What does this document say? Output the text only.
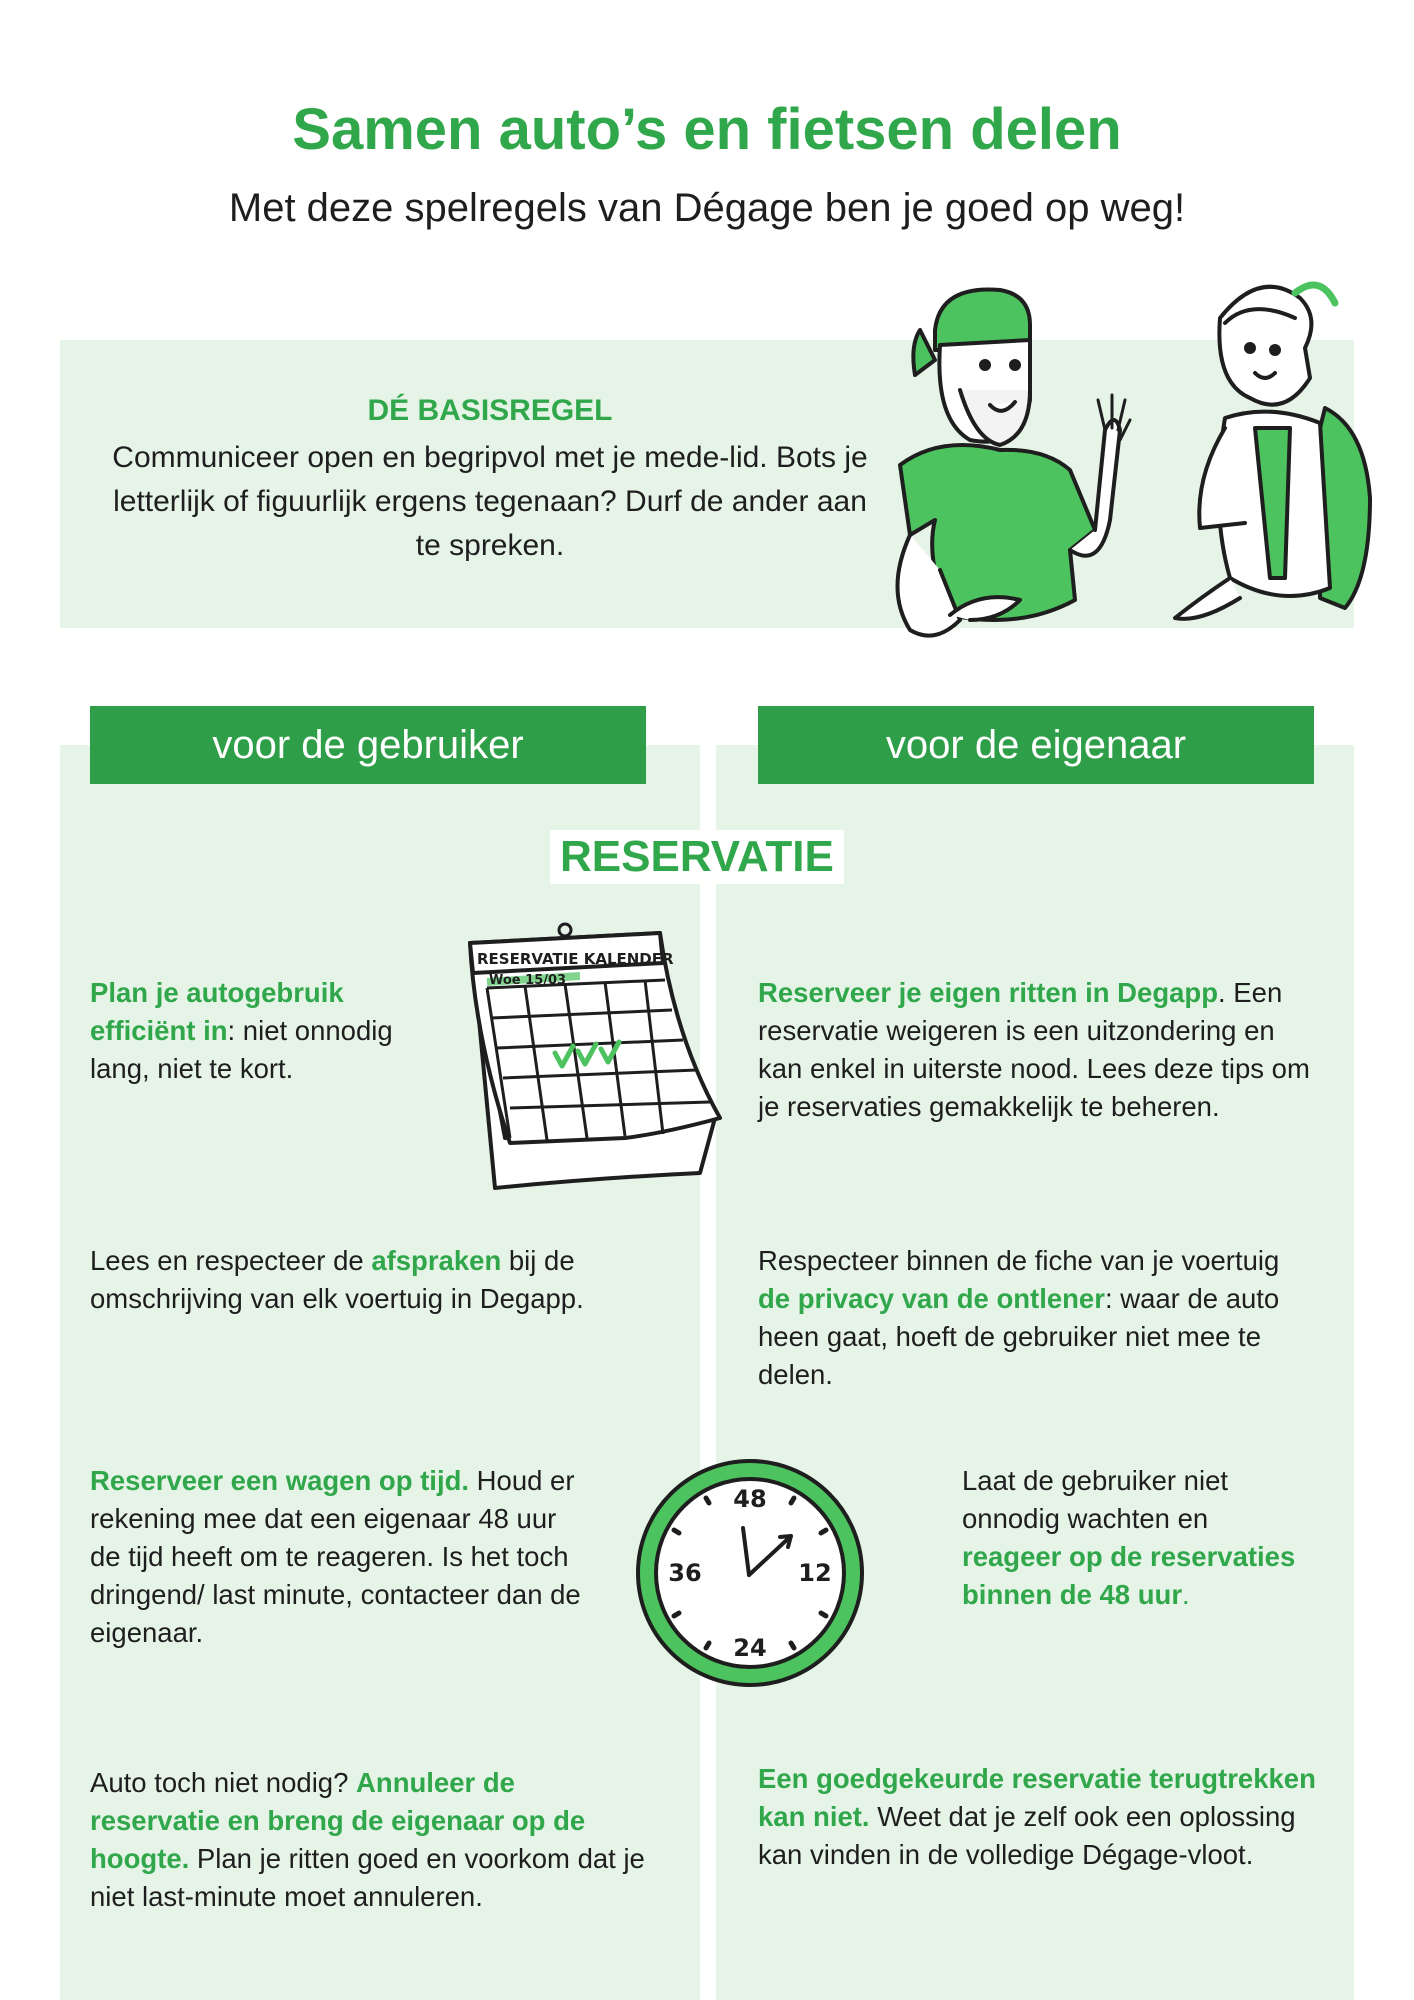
Samen auto’s en fietsen delen
Met deze spelregels van Dégage ben je goed op weg!
DÉ BASISREGEL
Communiceer open en begripvol met je mede-lid. Bots je letterlijk of figuurlijk ergens tegenaan? Durf de ander aan te spreken.
voor de gebruiker	voor de eigenaar
RESERVATIE
RESERVATIE KALENDER
Woe 15/03
48
12
24
36
Plan je autogebruik efficiënt in: niet onnodig lang, niet te kort.
Lees en respecteer de afspraken bij de omschrijving van elk voertuig in Degapp.
Reserveer een wagen op tijd. Houd er rekening mee dat een eigenaar 48 uur de tijd heeft om te reageren. Is het toch dringend/ last minute, contacteer dan de eigenaar.
Auto toch niet nodig? Annuleer de reservatie en breng de eigenaar op de hoogte. Plan je ritten goed en voorkom dat je niet last-minute moet annuleren.
Reserveer je eigen ritten in Degapp. Een reservatie weigeren is een uitzondering en kan enkel in uiterste nood. Lees deze tips om je reservaties gemakkelijk te beheren.
Respecteer binnen de fiche van je voertuig de privacy van de ontlener: waar de auto heen gaat, hoeft de gebruiker niet mee te delen.
Laat de gebruiker niet onnodig wachten en reageer op de reservaties binnen de 48 uur.
Een goedgekeurde reservatie terugtrekken kan niet. Weet dat je zelf ook een oplossing kan vinden in de volledige Dégage-vloot.
